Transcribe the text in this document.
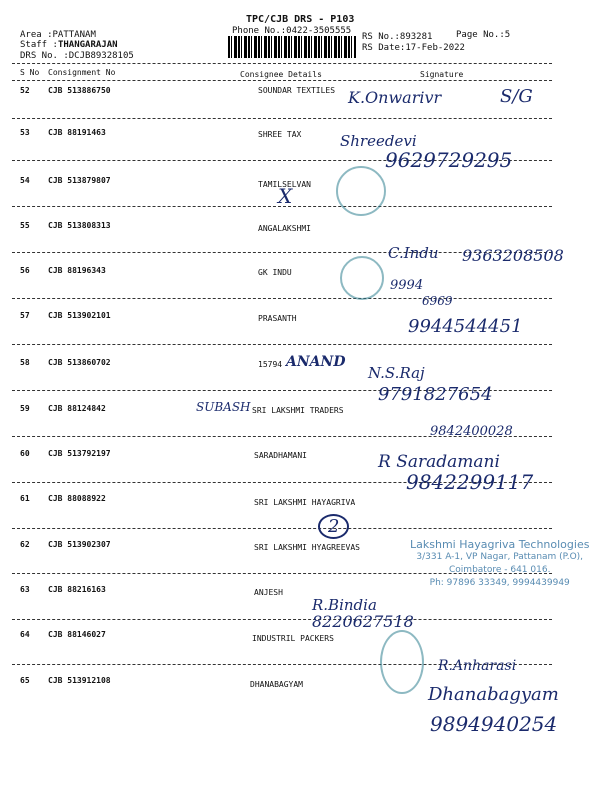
TPC/CJB DRS - P103
Phone No.:0422-3505555
Area :PATTANAM
Staff :THANGARAJAN
DRS No. :DCJB89328105
RS No.:893281
RS Date:17-Feb-2022
Page No.:5
S No Consignment No	Consignee Details	Signature
52 CJB 513886750	SOUNDAR TEXTILES
53 CJB 88191463	SHREE TAX
54 CJB 513879807	TAMILSELVAN
55 CJB 513808313	ANGALAKSHMI
56 CJB 88196343	GK INDU
57 CJB 513902101	PRASANTH
58 CJB 513860702	15794
59 CJB 88124842	SRI LAKSHMI TRADERS
60 CJB 513792197	SARADHAMANI
61 CJB 88088922	SRI LAKSHMI HAYAGRIVA
62 CJB 513902307	SRI LAKSHMI HYAGREEVAS
63 CJB 88216163	ANJESH
64 CJB 88146027	INDUSTRIL PACKERS
65 CJB 513912108	DHANABAGYAM
Lakshmi Hayagriva Technologies
3/331 A-1, VP Nagar, Pattanam (P.O),
Coimbatore - 641 016.
Ph: 97896 33349, 9994439949
K.Onwarivr	S/G
Shreedevi
9629729295
X
C.Indu 9363208508
9994
6969
9944544451
ANAND
N.S.Raj
9791827654
SUBASH
9842400028
R Saradamani
9842299117
2
R.Bindia
8220627518
R.Anharasi
Dhanabagyam
9894940254
